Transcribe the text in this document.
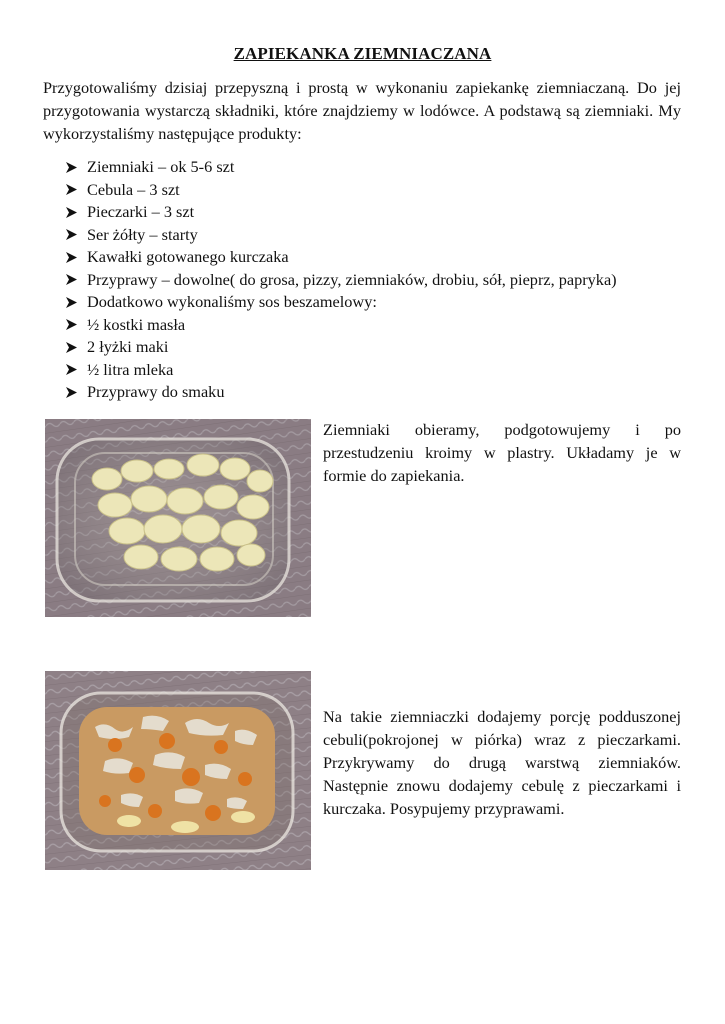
ZAPIEKANKA ZIEMNIACZANA

Przygotowaliśmy dzisiaj przepyszną i prostą w wykonaniu zapiekankę ziemniaczaną. Do jej przygotowania wystarczą składniki, które znajdziemy w lodówce. A podstawą są ziemniaki. My wykorzystaliśmy następujące produkty:

Ziemniaki – ok 5-6 szt
Cebula – 3 szt
Pieczarki – 3 szt
Ser żółty – starty
Kawałki gotowanego kurczaka
Przyprawy – dowolne( do grosa, pizzy, ziemniaków, drobiu, sół, pieprz, papryka)
Dodatkowo wykonaliśmy sos beszamelowy:
½ kostki masła
2 łyżki maki
½ litra mleka
Przyprawy do smaku

Ziemniaki obieramy, podgotowujemy i po przestudzeniu kroimy w plastry. Układamy je w formie do zapiekania.

Na takie ziemniaczki dodajemy porcję podduszonej cebuli(pokrojonej w piórka) wraz z pieczarkami. Przykrywamy do drugą warstwą ziemniaków. Następnie znowu dodajemy cebulę z pieczarkami i kurczaka. Posypujemy przyprawami.
